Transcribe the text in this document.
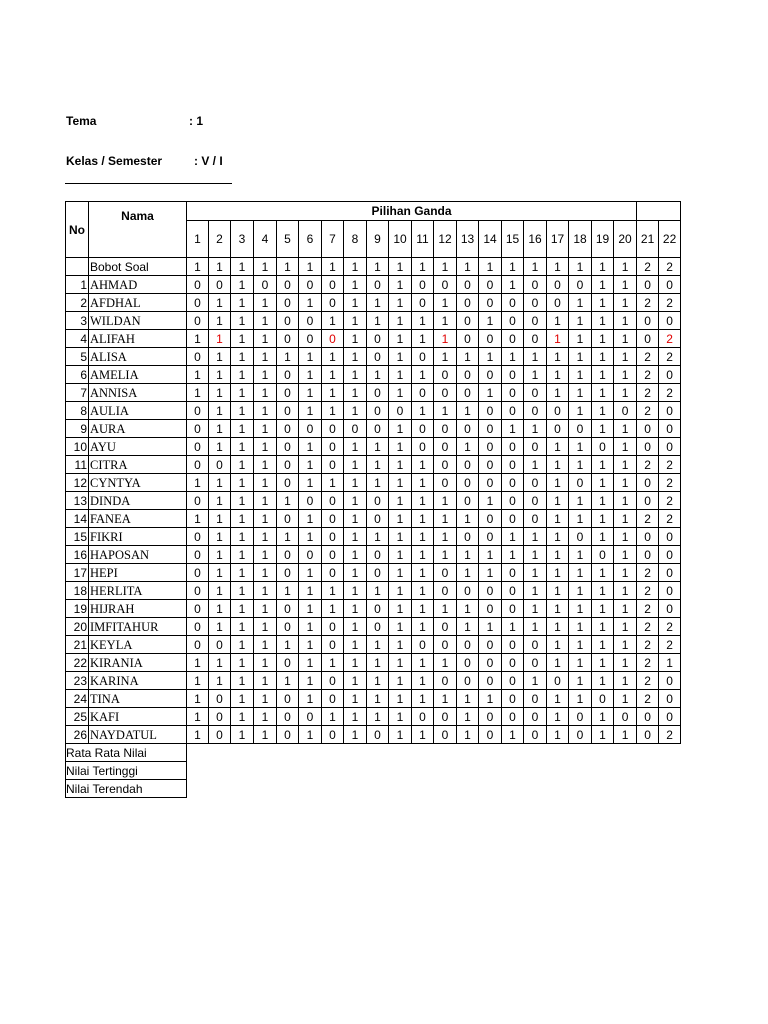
Tema	: 1
Kelas / Semester	: V / I
No	Nama	Pilihan Ganda																					
		1	2	3	4	5	6	7	8	9	10	11	12	13	14	15	16	17	18	19	20	21	22
	Bobot Soal	1	1	1	1	1	1	1	1	1	1	1	1	1	1	1	1	1	1	1	1	2	2
1	AHMAD	0	0	1	0	0	0	0	1	0	1	0	0	0	0	1	0	0	0	1	1	0	0
2	AFDHAL	0	1	1	1	0	1	0	1	1	1	0	1	0	0	0	0	0	1	1	1	2	2
3	WILDAN	0	1	1	1	0	0	1	1	1	1	1	1	0	1	0	0	1	1	1	1	0	0
4	ALIFAH	1	1	1	1	0	0	0	1	0	1	1	1	0	0	0	0	1	1	1	1	0	2
5	ALISA	0	1	1	1	1	1	1	1	0	1	0	1	1	1	1	1	1	1	1	1	2	2
6	AMELIA	1	1	1	1	0	1	1	1	1	1	1	0	0	0	0	1	1	1	1	1	2	0
7	ANNISA	1	1	1	1	0	1	1	1	0	1	0	0	0	1	0	0	1	1	1	1	2	2
8	AULIA	0	1	1	1	0	1	1	1	0	0	1	1	1	0	0	0	0	1	1	0	2	0
9	AURA	0	1	1	1	0	0	0	0	0	1	0	0	0	0	1	1	0	0	1	1	0	0
10	AYU	0	1	1	1	0	1	0	1	1	1	0	0	1	0	0	0	1	1	0	1	0	0
11	CITRA	0	0	1	1	0	1	0	1	1	1	1	0	0	0	0	1	1	1	1	1	2	2
12	CYNTYA	1	1	1	1	0	1	1	1	1	1	1	0	0	0	0	0	1	0	1	1	0	2
13	DINDA	0	1	1	1	1	0	0	1	0	1	1	1	0	1	0	0	1	1	1	1	0	2
14	FANEA	1	1	1	1	0	1	0	1	0	1	1	1	1	0	0	0	1	1	1	1	2	2
15	FIKRI	0	1	1	1	1	1	0	1	1	1	1	1	0	0	1	1	1	0	1	1	0	0
16	HAPOSAN	0	1	1	1	0	0	0	1	0	1	1	1	1	1	1	1	1	1	0	1	0	0
17	HEPI	0	1	1	1	0	1	0	1	0	1	1	0	1	1	0	1	1	1	1	1	2	0
18	HERLITA	0	1	1	1	1	1	1	1	1	1	1	0	0	0	0	1	1	1	1	1	2	0
19	HIJRAH	0	1	1	1	0	1	1	1	0	1	1	1	1	0	0	1	1	1	1	1	2	0
20	IMFITAHUR	0	1	1	1	0	1	0	1	0	1	1	0	1	1	1	1	1	1	1	1	2	2
21	KEYLA	0	0	1	1	1	1	0	1	1	1	0	0	0	0	0	0	1	1	1	1	2	2
22	KIRANIA	1	1	1	1	0	1	1	1	1	1	1	1	0	0	0	0	1	1	1	1	2	1
23	KARINA	1	1	1	1	1	1	0	1	1	1	1	0	0	0	0	1	0	1	1	1	2	0
24	TINA	1	0	1	1	0	1	0	1	1	1	1	1	1	1	0	0	1	1	0	1	2	0
25	KAFI	1	0	1	1	0	0	1	1	1	1	0	0	1	0	0	0	1	0	1	0	0	0
26	NAYDATUL	1	0	1	1	0	1	0	1	0	1	1	0	1	0	1	0	1	0	1	1	0	2
Rata Rata Nilai																							
Nilai Tertinggi																							
Nilai Terendah																							
